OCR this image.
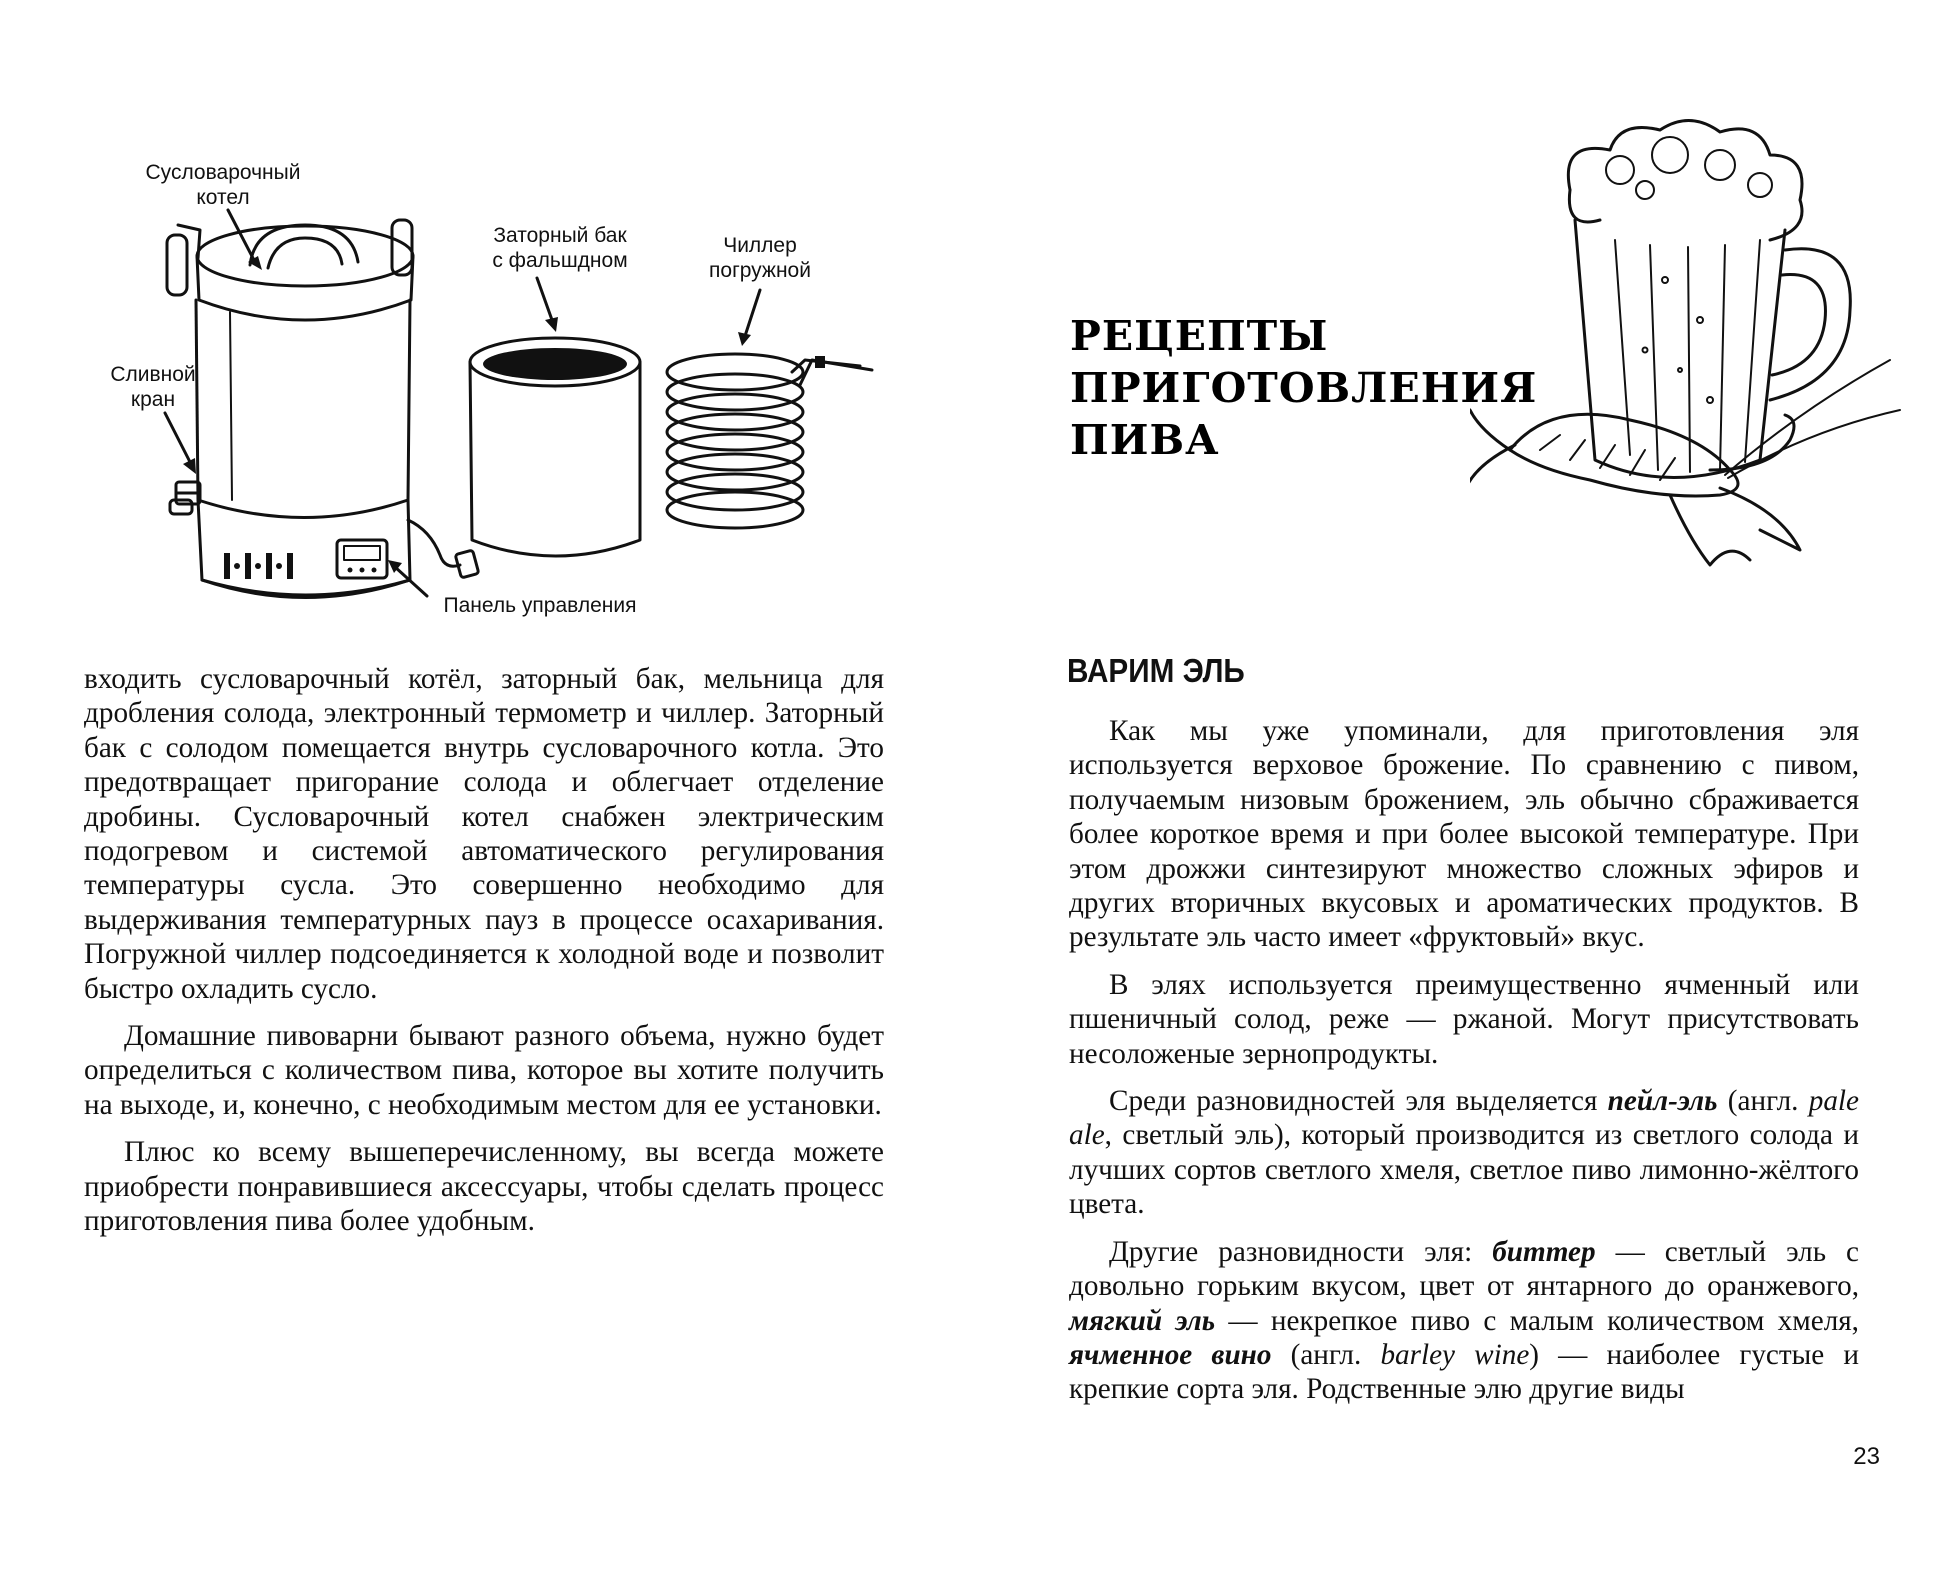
Сусловарочный
котел
Заторный бак
с фальшдном
Чиллер
погружной
Сливной
кран
Панель управления

входить сусловарочный котёл, заторный бак, мельница для дробления солода, электронный термометр и чиллер. Заторный бак с солодом помещается внутрь сусловарочного котла. Это предотвращает пригорание солода и облегчает отделение дробины. Сусловарочный котел снабжен электрическим подогревом и системой автоматического регулирования температуры сусла. Это совершенно необходимо для выдерживания температурных пауз в процессе осахаривания. Погружной чиллер подсоединяется к холодной воде и позволит быстро охладить сусло.

Домашние пивоварни бывают разного объема, нужно будет определиться с количеством пива, которое вы хотите получить на выходе, и, конечно, с необходимым местом для ее установки.

Плюс ко всему вышеперечисленному, вы всегда можете приобрести понравившиеся аксессуары, чтобы сделать процесс приготовления пива более удобным.

РЕЦЕПТЫ
ПРИГОТОВЛЕНИЯ
ПИВА
ВАРИМ ЭЛЬ

Как мы уже упоминали, для приготовления эля используется верховое брожение. По сравнению с пивом, получаемым низовым брожением, эль обычно сбраживается более короткое время и при более высокой температуре. При этом дрожжи синтезируют множество сложных эфиров и других вторичных вкусовых и ароматических продуктов. В результате эль часто имеет «фруктовый» вкус.

В элях используется преимущественно ячменный или пшеничный солод, реже — ржаной. Могут присутствовать несоложеные зернопродукты.

Среди разновидностей эля выделяется пейл-эль (англ. pale ale, светлый эль), который производится из светлого солода и лучших сортов светлого хмеля, светлое пиво лимонно-жёлтого цвета.

Другие разновидности эля: биттер — светлый эль с довольно горьким вкусом, цвет от янтарного до оранжевого, мягкий эль — некрепкое пиво с малым количеством хмеля, ячменное вино (англ. barley wine) — наиболее густые и крепкие сорта эля. Родственные элю другие виды

23
